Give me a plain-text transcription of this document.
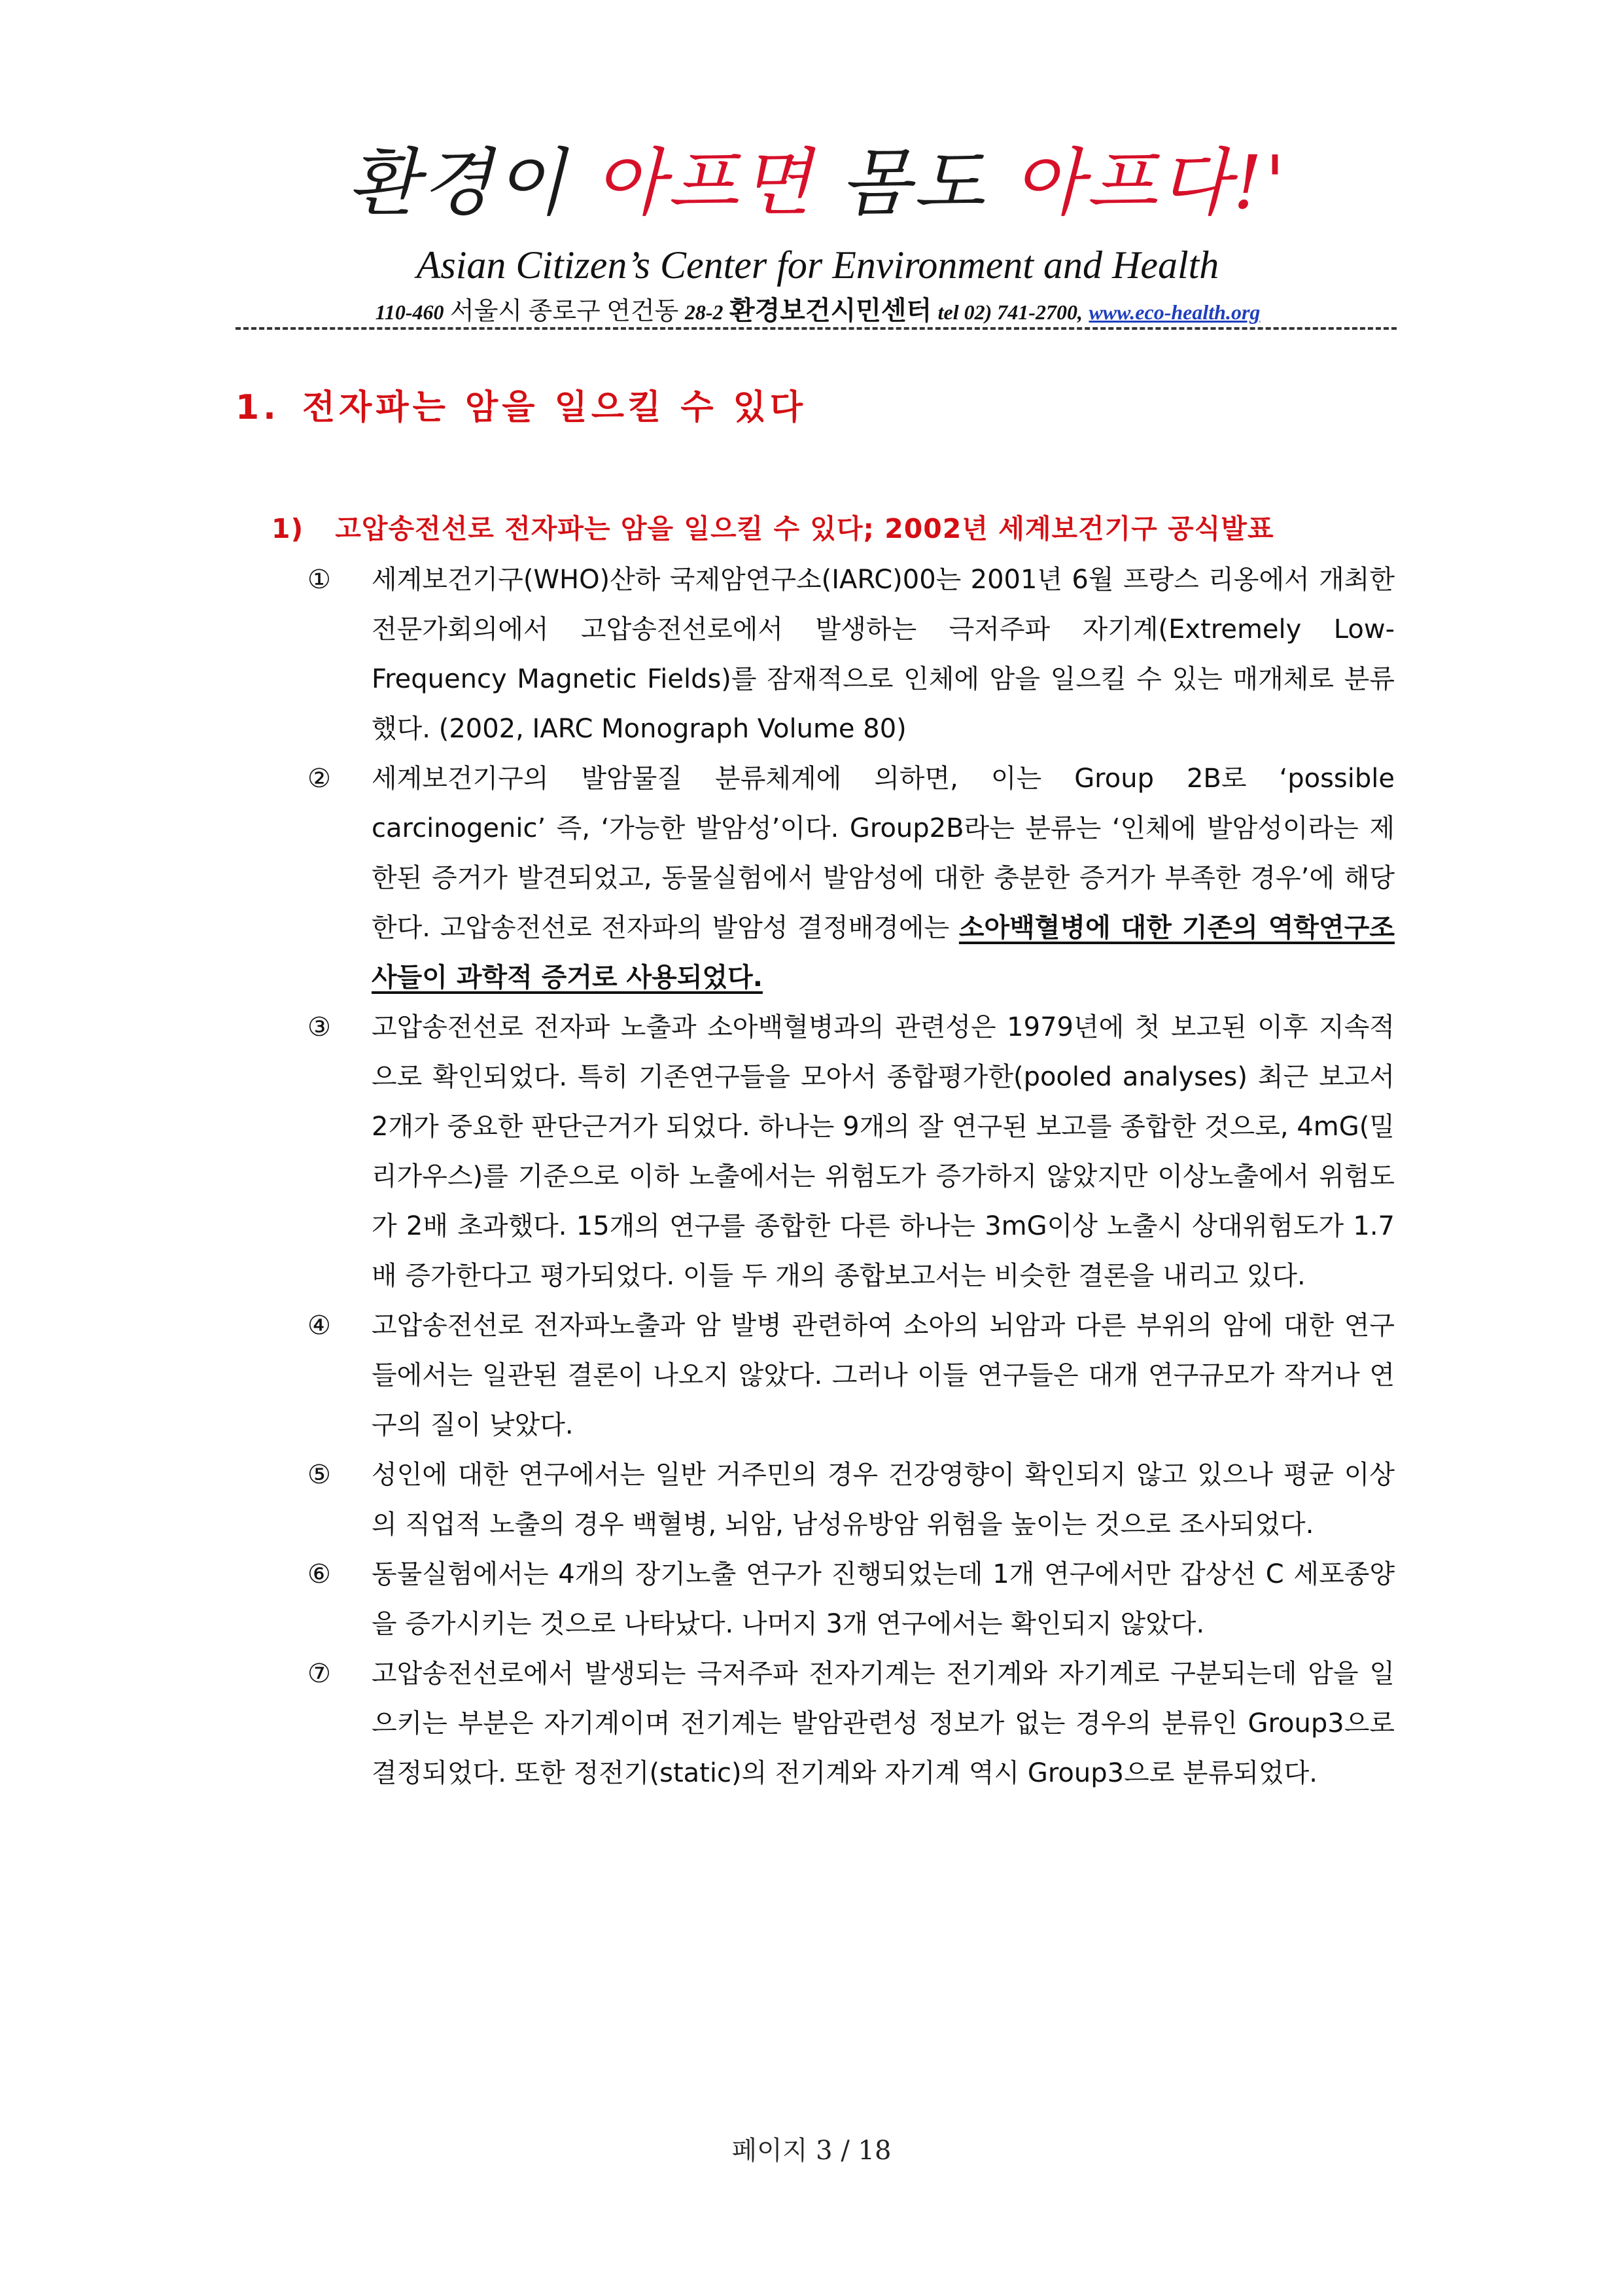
환경이 아프면 몸도 아프다!'
Asian Citizen’s Center for Environment and Health
110-460 서울시 종로구 연건동 28-2 환경보건시민센터 tel 02) 741-2700, www.eco-health.org
1. 전자파는 암을 일으킬 수 있다
1) 고압송전선로 전자파는 암을 일으킬 수 있다; 2002년 세계보건기구 공식발표
①	세계보건기구(WHO)산하 국제암연구소(IARC)00는 2001년 6월 프랑스 리옹에서 개최한 전문가회의에서 고압송전선로에서 발생하는 극저주파 자기계(Extremely Low-Frequency Magnetic Fields)를 잠재적으로 인체에 암을 일으킬 수 있는 매개체로 분류했다. (2002, IARC Monograph Volume 80)
②	세계보건기구의 발암물질 분류체계에 의하면, 이는 Group 2B로 ‘possible carcinogenic’ 즉, ‘가능한 발암성’이다. Group2B라는 분류는 ‘인체에 발암성이라는 제한된 증거가 발견되었고, 동물실험에서 발암성에 대한 충분한 증거가 부족한 경우’에 해당한다. 고압송전선로 전자파의 발암성 결정배경에는 소아백혈병에 대한 기존의 역학연구조사들이 과학적 증거로 사용되었다.
③	고압송전선로 전자파 노출과 소아백혈병과의 관련성은 1979년에 첫 보고된 이후 지속적으로 확인되었다. 특히 기존연구들을 모아서 종합평가한(pooled analyses) 최근 보고서 2개가 중요한 판단근거가 되었다. 하나는 9개의 잘 연구된 보고를 종합한 것으로, 4mG(밀리가우스)를 기준으로 이하 노출에서는 위험도가 증가하지 않았지만 이상노출에서 위험도가 2배 초과했다. 15개의 연구를 종합한 다른 하나는 3mG이상 노출시 상대위험도가 1.7배 증가한다고 평가되었다. 이들 두 개의 종합보고서는 비슷한 결론을 내리고 있다.
④	고압송전선로 전자파노출과 암 발병 관련하여 소아의 뇌암과 다른 부위의 암에 대한 연구들에서는 일관된 결론이 나오지 않았다. 그러나 이들 연구들은 대개 연구규모가 작거나 연구의 질이 낮았다.
⑤	성인에 대한 연구에서는 일반 거주민의 경우 건강영향이 확인되지 않고 있으나 평균 이상의 직업적 노출의 경우 백혈병, 뇌암, 남성유방암 위험을 높이는 것으로 조사되었다.
⑥	동물실험에서는 4개의 장기노출 연구가 진행되었는데 1개 연구에서만 갑상선 C 세포종양을 증가시키는 것으로 나타났다. 나머지 3개 연구에서는 확인되지 않았다.
⑦	고압송전선로에서 발생되는 극저주파 전자기계는 전기계와 자기계로 구분되는데 암을 일으키는 부분은 자기계이며 전기계는 발암관련성 정보가 없는 경우의 분류인 Group3으로 결정되었다. 또한 정전기(static)의 전기계와 자기계 역시 Group3으로 분류되었다.
페이지 3 / 18
